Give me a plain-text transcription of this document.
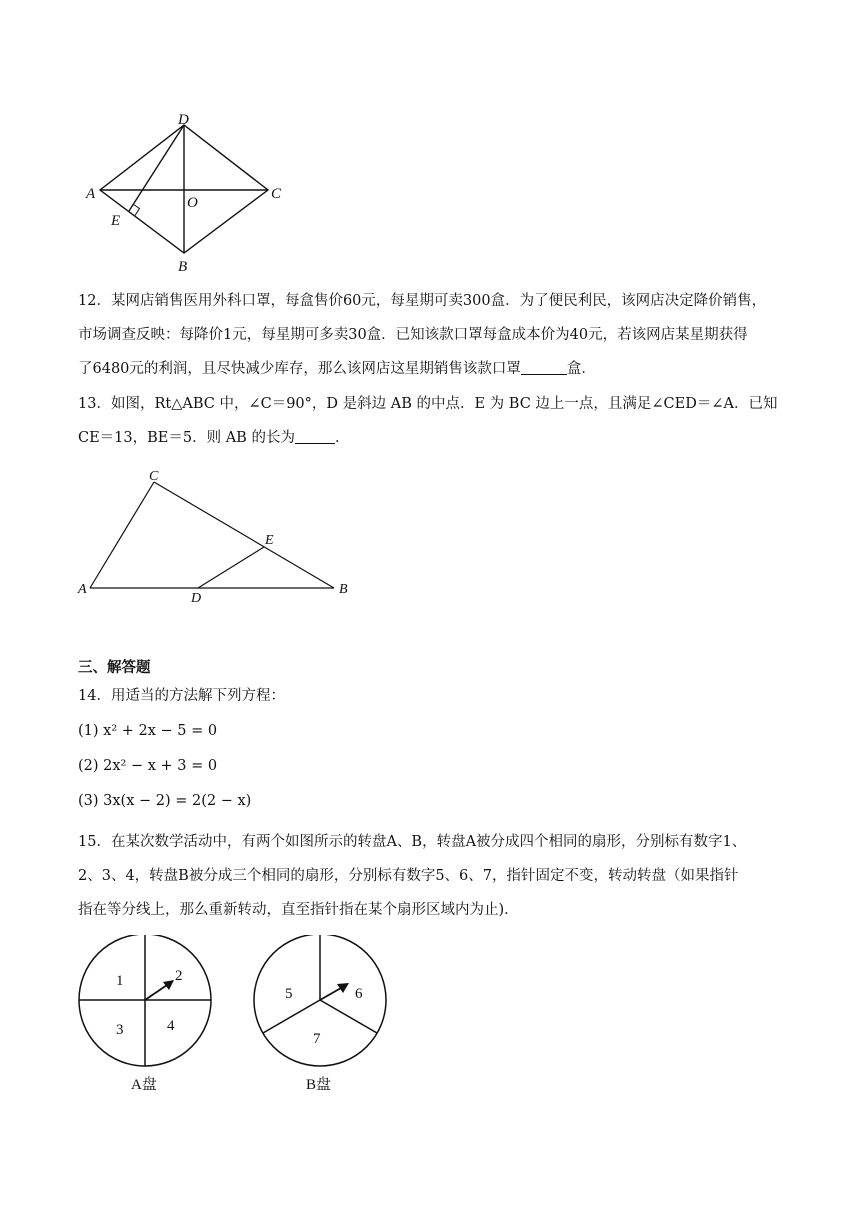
D
A	C
O
E
B
12．某网店销售医用外科口罩，每盒售价60元，每星期可卖300盒．为了便民利民，该网店决定降价销售，
市场调查反映：每降价1元，每星期可多卖30盒．已知该款口罩每盒成本价为40元，若该网店某星期获得
了6480元的利润，且尽快减少库存，那么该网店这星期销售该款口罩	盒．
13．如图，Rt△ABC 中，∠C＝90°，D 是斜边 AB 的中点．E 为 BC 边上一点，且满足∠CED＝∠A．已知
CE＝13，BE＝5．则 AB 的长为	．
C
E
A
D
B
三、解答题
14．用适当的方法解下列方程：
(1) x² + 2x − 5 = 0
(2) 2x² − x + 3 = 0
(3) 3x(x − 2) = 2(2 − x)
15．在某次数学活动中，有两个如图所示的转盘A、B，转盘A被分成四个相同的扇形，分别标有数字1、
2、3、4，转盘B被分成三个相同的扇形，分别标有数字5、6、7，指针固定不变，转动转盘（如果指针
指在等分线上，那么重新转动，直至指针指在某个扇形区域内为止)．
1	2
3	4
A盘
5	6
7
B盘
